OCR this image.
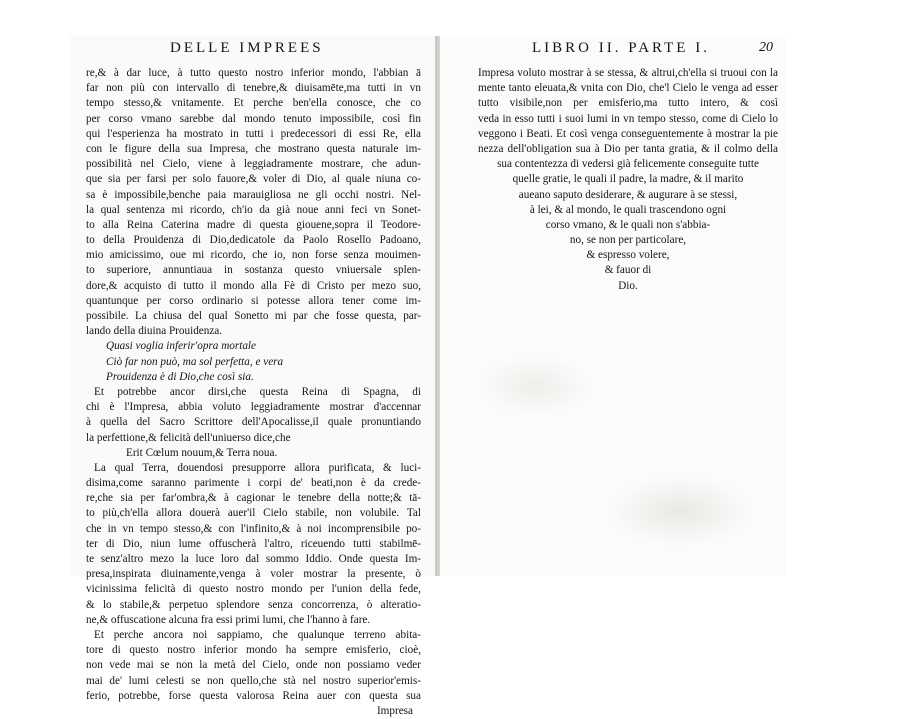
DELLE IMPREES
re,& à dar luce, à tutto questo nostro inferior mondo, l'abbian ā
far non più con intervallo di tenebre,& diuisamēte,ma tutti in vn
tempo stesso,& vnitamente. Et perche ben'ella conosce, che co
per corso vmano sarebbe dal mondo tenuto impossibile, così fin
qui l'esperienza ha mostrato in tutti i predecessori di essi Re, ella
con le figure della sua Impresa, che mostrano questa naturale im-
possibilità nel Cielo, viene à leggiadramente mostrare, che adun-
que sia per farsi per solo fauore,& voler di Dio, al quale niuna co-
sa è impossibile,benche paia marauigliosa ne gli occhi nostri. Nel-
la qual sentenza mi ricordo, ch'io da già noue anni feci vn Sonet-
to alla Reina Caterina madre di questa giouene,sopra il Teodore-
to della Prouidenza di Dio,dedicatole da Paolo Rosello Padoano,
mio amicissimo, oue mi ricordo, che io, non forse senza mouimen-
to superiore, annuntiaua in sostanza questo vniuersale splen-
dore,& acquisto di tutto il mondo alla Fè di Cristo per mezo suo,
quantunque per corso ordinario si potesse allora tener come im-
possibile. La chiusa del qual Sonetto mi par che fosse questa, par-
lando della diuina Prouidenza.
Quasi voglia inferir'opra mortale
Ciò far non può, ma sol perfetta, e vera
Prouidenza è di Dio,che così sia.
Et potrebbe ancor dirsi,che questa Reina di Spagna, di
chi è l'Impresa, abbia voluto leggiadramente mostrar d'accennar
à quella del Sacro Scrittore dell'Apocalisse,il quale pronuntiando
la perfettione,& felicità dell'uniuerso dice,che
Erit Cœlum nouum,& Terra noua.
La qual Terra, douendosi presupporre allora purificata, & luci-
disima,come saranno parimente i corpi de' beati,non è da crede-
re,che sia per far'ombra,& à cagionar le tenebre della notte;& tā-
to più,ch'ella allora douerà auer'il Cielo stabile, non volubile. Tal
che in vn tempo stesso,& con l'infinito,& à noi incomprensibile po-
ter di Dio, niun lume offuscherà l'altro, riceuendo tutti stabilmē-
te senz'altro mezo la luce loro dal sommo Iddio. Onde questa Im-
presa,inspirata diuinamente,venga à voler mostrar la presente, ò
vicinissima felicità di questo nostro mondo per l'union della fede,
& lo stabile,& perpetuo splendore senza concorrenza, ò alteratio-
ne,& offuscatione alcuna fra essi primi lumi, che l'hanno à fare.
Et perche ancora noi sappiamo, che qualunque terreno abita-
tore di questo nostro inferior mondo ha sempre emisferio, cioè,
non vede mai se non la metà del Cielo, onde non possiamo veder
mai de' lumi celesti se non quello,che stà nel nostro superior'emis-
ferio, potrebbe, forse questa valorosa Reina auer con questa sua
Impresa
LIBRO II. PARTE I.	20
Impresa voluto mostrar à se stessa, & altrui,ch'ella si truoui con la
mente tanto eleuata,& vnita con Dio, che'l Cielo le venga ad esser
tutto visibile,non per emisferio,ma tutto intero, & così
veda in esso tutti i suoi lumi in vn tempo stesso, come di Cielo lo
veggono i Beati. Et così venga conseguentemente à mostrar la pie
nezza dell'obligation sua à Dio per tanta gratia, & il colmo della
sua contentezza di vedersi già felicemente conseguite tutte
quelle gratie, le quali il padre, la madre, & il marito
aueano saputo desiderare, & augurare à se stessi,
à lei, & al mondo, le quali trascendono ogni
corso vmano, & le quali non s'abbia-
no, se non per particolare,
& espresso volere,
& fauor di
Dio.
